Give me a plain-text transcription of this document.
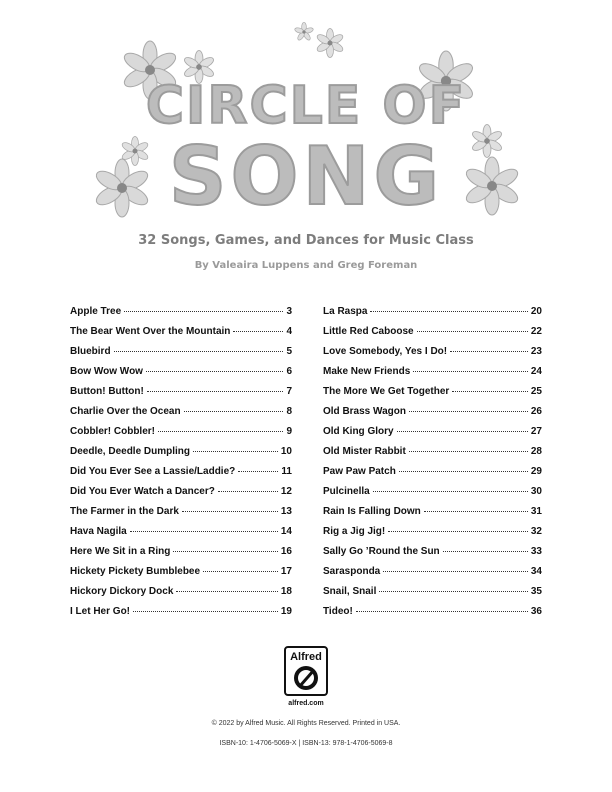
CIRCLE OF
SONG
32 Songs, Games, and Dances for Music Class
By Valeaira Luppens and Greg Foreman
Apple Tree	3
The Bear Went Over the Mountain	4
Bluebird	5
Bow Wow Wow	6
Button! Button!	7
Charlie Over the Ocean	8
Cobbler! Cobbler!	9
Deedle, Deedle Dumpling	10
Did You Ever See a Lassie/Laddie?	11
Did You Ever Watch a Dancer?	12
The Farmer in the Dark	13
Hava Nagila	14
Here We Sit in a Ring	16
Hickety Pickety Bumblebee	17
Hickory Dickory Dock	18
I Let Her Go!	19
La Raspa	20
Little Red Caboose	22
Love Somebody, Yes I Do!	23
Make New Friends	24
The More We Get Together	25
Old Brass Wagon	26
Old King Glory	27
Old Mister Rabbit	28
Paw Paw Patch	29
Pulcinella	30
Rain Is Falling Down	31
Rig a Jig Jig!	32
Sally Go ’Round the Sun	33
Sarasponda	34
Snail, Snail	35
Tideo!	36
Alfred
alfred.com
© 2022 by Alfred Music. All Rights Reserved. Printed in USA.
ISBN-10: 1-4706-5069-X | ISBN-13: 978-1-4706-5069-8
